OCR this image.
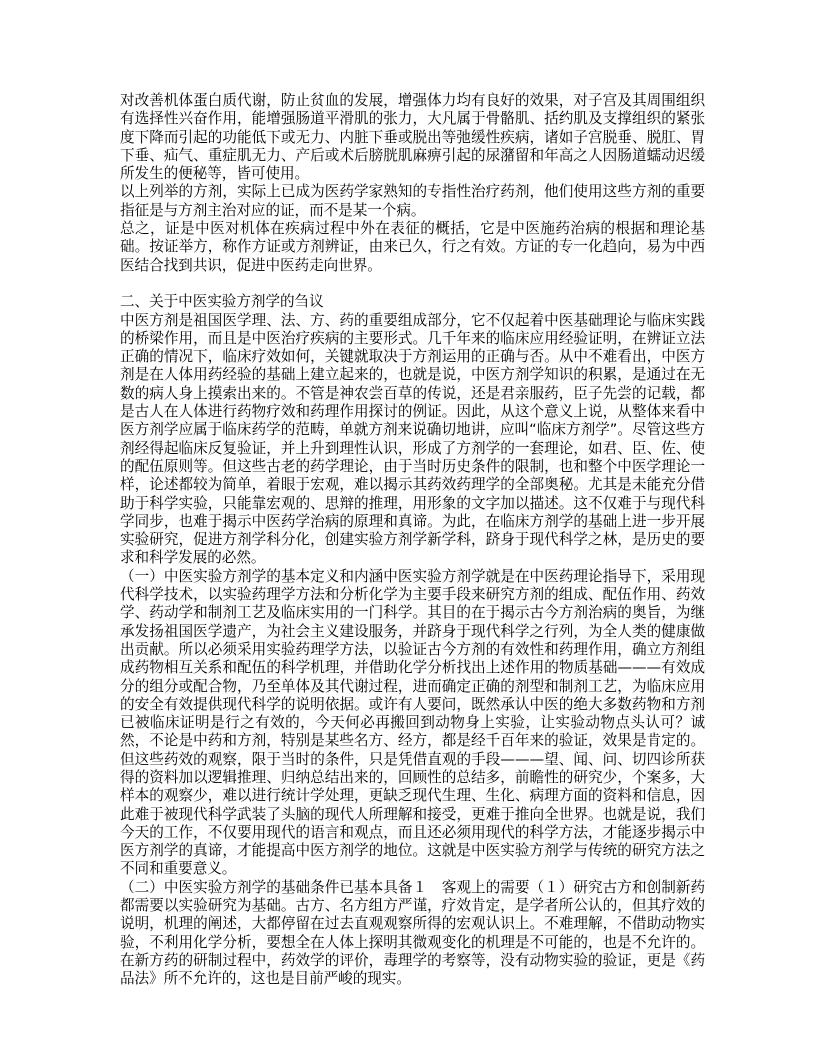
对改善机体蛋白质代谢，防止贫血的发展，增强体力均有良好的效果，对子宫及其周围组织有选择性兴奋作用，能增强肠道平滑肌的张力，大凡属于骨骼肌、括约肌及支撑组织的紧张度下降而引起的功能低下或无力、内脏下垂或脱出等弛缓性疾病，诸如子宫脱垂、脱肛、胃下垂、疝气、重症肌无力、产后或术后膀胱肌麻痹引起的尿潴留和年高之人因肠道蠕动迟缓所发生的便秘等，皆可使用。

以上列举的方剂，实际上已成为医药学家熟知的专指性治疗药剂，他们使用这些方剂的重要指征是与方剂主治对应的证，而不是某一个病。

总之，证是中医对机体在疾病过程中外在表征的概括，它是中医施药治病的根据和理论基础。按证举方，称作方证或方剂辨证，由来已久，行之有效。方证的专一化趋向，易为中西医结合找到共识，促进中医药走向世界。

二、关于中医实验方剂学的刍议

中医方剂是祖国医学理、法、方、药的重要组成部分，它不仅起着中医基础理论与临床实践的桥梁作用，而且是中医治疗疾病的主要形式。几千年来的临床应用经验证明，在辨证立法正确的情况下，临床疗效如何，关键就取决于方剂运用的正确与否。从中不难看出，中医方剂是在人体用药经验的基础上建立起来的，也就是说，中医方剂学知识的积累，是通过在无数的病人身上摸索出来的。不管是神农尝百草的传说，还是君亲服药，臣子先尝的记载，都是古人在人体进行药物疗效和药理作用探讨的例证。因此，从这个意义上说，从整体来看中医方剂学应属于临床药学的范畴，单就方剂来说确切地讲，应叫“临床方剂学”。尽管这些方剂经得起临床反复验证，并上升到理性认识，形成了方剂学的一套理论，如君、臣、佐、使的配伍原则等。但这些古老的药学理论，由于当时历史条件的限制，也和整个中医学理论一样，论述都较为简单，着眼于宏观，难以揭示其药效药理学的全部奥秘。尤其是未能充分借助于科学实验，只能靠宏观的、思辩的推理，用形象的文字加以描述。这不仅难于与现代科学同步，也难于揭示中医药学治病的原理和真谛。为此，在临床方剂学的基础上进一步开展实验研究，促进方剂学科分化，创建实验方剂学新学科，跻身于现代科学之林，是历史的要求和科学发展的必然。

（一）中医实验方剂学的基本定义和内涵中医实验方剂学就是在中医药理论指导下，采用现代科学技术，以实验药理学方法和分析化学为主要手段来研究方剂的组成、配伍作用、药效学、药动学和制剂工艺及临床实用的一门科学。其目的在于揭示古今方剂治病的奥旨，为继承发扬祖国医学遗产，为社会主义建设服务，并跻身于现代科学之行列，为全人类的健康做出贡献。所以必须采用实验药理学方法，以验证古今方剂的有效性和药理作用，确立方剂组成药物相互关系和配伍的科学机理，并借助化学分析找出上述作用的物质基础———有效成分的组分或配合物，乃至单体及其代谢过程，进而确定正确的剂型和制剂工艺，为临床应用的安全有效提供现代科学的说明依据。或许有人要问，既然承认中医的绝大多数药物和方剂已被临床证明是行之有效的，今天何必再搬回到动物身上实验，让实验动物点头认可？诚然，不论是中药和方剂，特别是某些名方、经方，都是经千百年来的验证，效果是肯定的。但这些药效的观察，限于当时的条件，只是凭借直观的手段———望、闻、问、切四诊所获得的资料加以逻辑推理、归纳总结出来的，回顾性的总结多，前瞻性的研究少，个案多，大样本的观察少，难以进行统计学处理，更缺乏现代生理、生化、病理方面的资料和信息，因此难于被现代科学武装了头脑的现代人所理解和接受，更难于推向全世界。也就是说，我们今天的工作，不仅要用现代的语言和观点，而且还必须用现代的科学方法，才能逐步揭示中医方剂学的真谛，才能提高中医方剂学的地位。这就是中医实验方剂学与传统的研究方法之不同和重要意义。

（二）中医实验方剂学的基础条件已基本具备１　客观上的需要（１）研究古方和创制新药都需要以实验研究为基础。古方、名方组方严谨，疗效肯定，是学者所公认的，但其疗效的说明，机理的阐述，大都停留在过去直观观察所得的宏观认识上。不难理解，不借助动物实验，不利用化学分析，要想全在人体上探明其微观变化的机理是不可能的，也是不允许的。在新方药的研制过程中，药效学的评价，毒理学的考察等，没有动物实验的验证，更是《药品法》所不允许的，这也是目前严峻的现实。
